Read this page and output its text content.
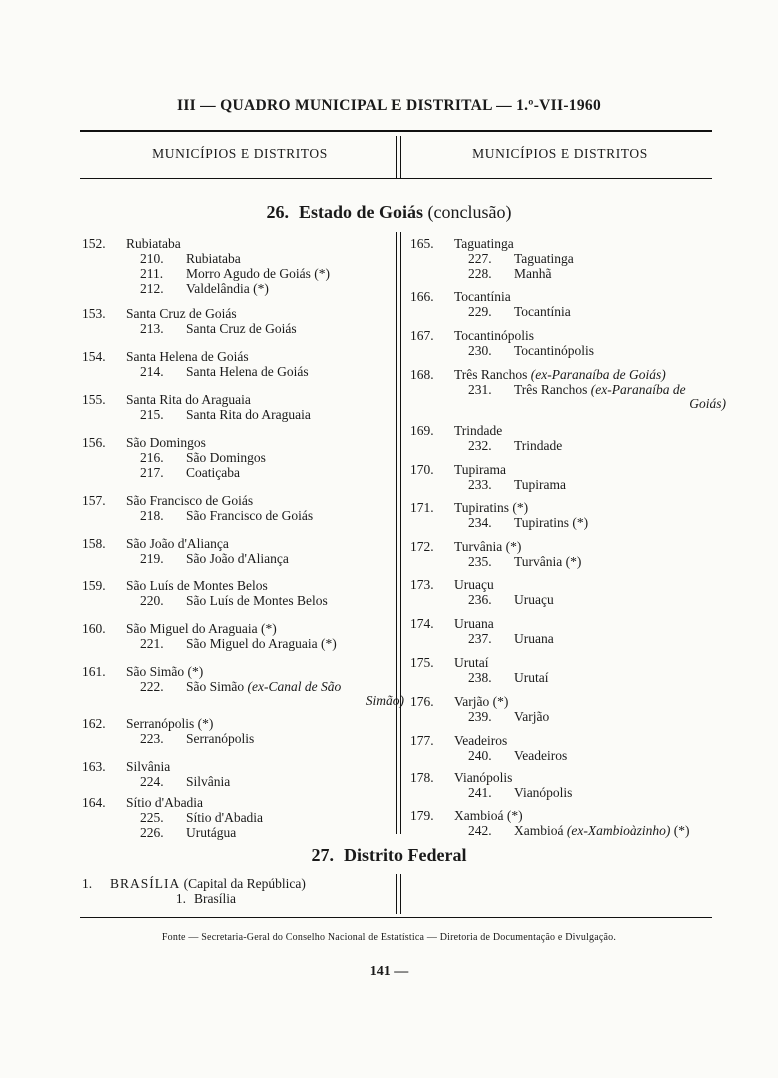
III — QUADRO MUNICIPAL E DISTRITAL — 1.º-VII-1960
MUNICÍPIOS E DISTRITOS	MUNICÍPIOS E DISTRITOS
26. Estado de Goiás (conclusão)
152. Rubiataba
210. Rubiataba
211. Morro Agudo de Goiás (*)
212. Valdelândia (*)
153. Santa Cruz de Goiás
213. Santa Cruz de Goiás
154. Santa Helena de Goiás
214. Santa Helena de Goiás
155. Santa Rita do Araguaia
215. Santa Rita do Araguaia
156. São Domingos
216. São Domingos
217. Coatiçaba
157. São Francisco de Goiás
218. São Francisco de Goiás
158. São João d'Aliança
219. São João d'Aliança
159. São Luís de Montes Belos
220. São Luís de Montes Belos
160. São Miguel do Araguaia (*)
221. São Miguel do Araguaia (*)
161. São Simão (*)
222. São Simão (ex-Canal de São
Simão)
162. Serranópolis (*)
223. Serranópolis
163. Silvânia
224. Silvânia
164. Sítio d'Abadia
225. Sítio d'Abadia
226. Urutágua
165. Taguatinga
227. Taguatinga
228. Manhã
166. Tocantínia
229. Tocantínia
167. Tocantinópolis
230. Tocantinópolis
168. Três Ranchos (ex-Paranaíba de Goiás)
231. Três Ranchos (ex-Paranaíba de
Goiás)
169. Trindade
232. Trindade
170. Tupirama
233. Tupirama
171. Tupiratins (*)
234. Tupiratins (*)
172. Turvânia (*)
235. Turvânia (*)
173. Uruaçu
236. Uruaçu
174. Uruana
237. Uruana
175. Urutaí
238. Urutaí
176. Varjão (*)
239. Varjão
177. Veadeiros
240. Veadeiros
178. Vianópolis
241. Vianópolis
179. Xambioá (*)
242. Xambioá (ex-Xambioàzinho) (*)
27. Distrito Federal
1. BRASÍLIA (Capital da República)
1. Brasília
Fonte — Secretaria-Geral do Conselho Nacional de Estatística — Diretoria de Documentação e Divulgação.
141 —
